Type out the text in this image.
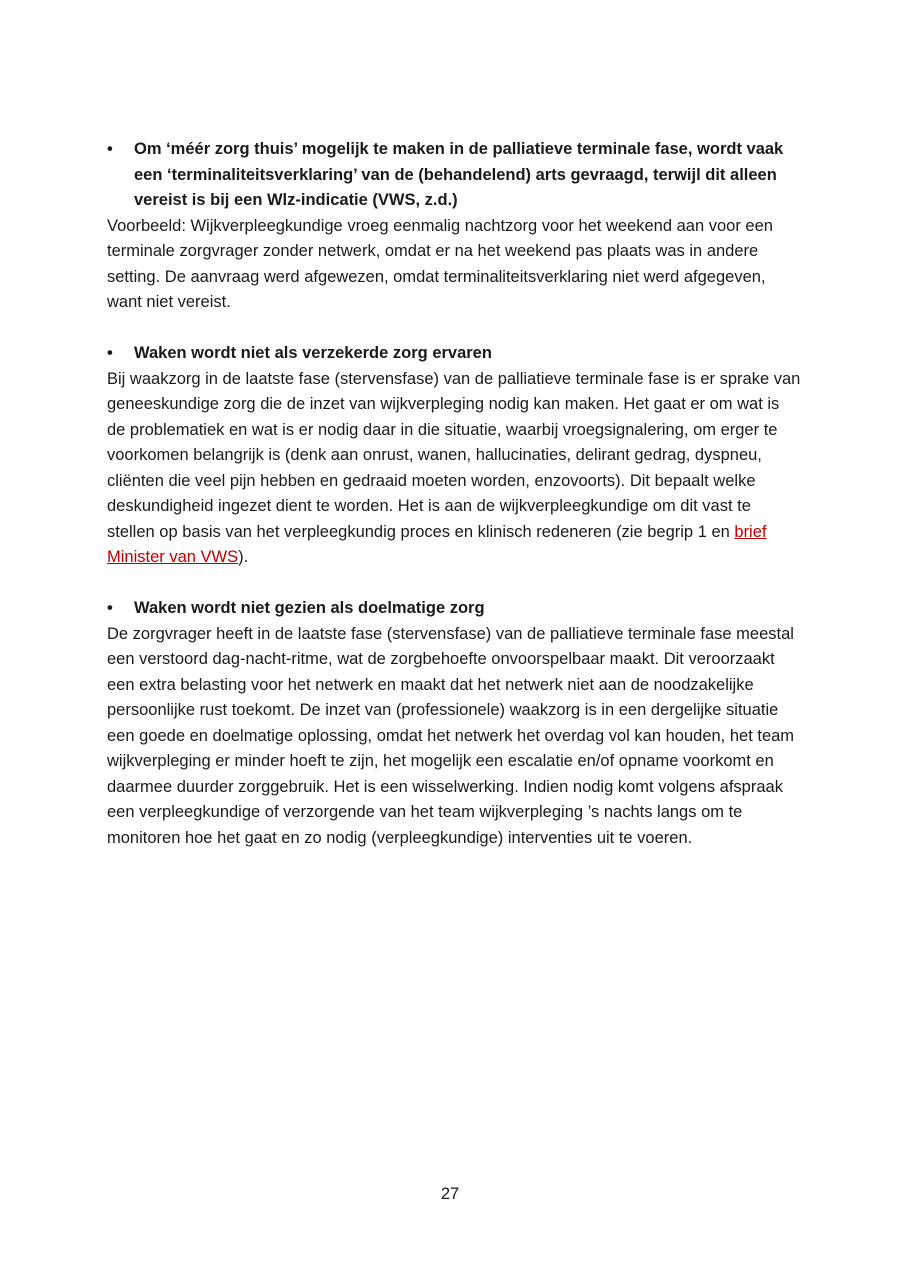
•	Om ‘méér zorg thuis’ mogelijk te maken in de palliatieve terminale fase, wordt vaak een ‘terminaliteitsverklaring’ van de (behandelend) arts gevraagd, terwijl dit alleen vereist is bij een Wlz-indicatie (VWS, z.d.)

Voorbeeld: Wijkverpleegkundige vroeg eenmalig nachtzorg voor het weekend aan voor een terminale zorgvrager zonder netwerk, omdat er na het weekend pas plaats was in andere setting. De aanvraag werd afgewezen, omdat terminaliteitsverklaring niet werd afgegeven, want niet vereist.

•	Waken wordt niet als verzekerde zorg ervaren

Bij waakzorg in de laatste fase (stervensfase) van de palliatieve terminale fase is er sprake van geneeskundige zorg die de inzet van wijkverpleging nodig kan maken. Het gaat er om wat is de problematiek en wat is er nodig daar in die situatie, waarbij vroegsignalering, om erger te voorkomen belangrijk is (denk aan onrust, wanen, hallucinaties, delirant gedrag, dyspneu, cliënten die veel pijn hebben en gedraaid moeten worden, enzovoorts). Dit bepaalt welke deskundigheid ingezet dient te worden. Het is aan de wijkverpleegkundige om dit vast te stellen op basis van het verpleegkundig proces en klinisch redeneren (zie begrip 1 en brief Minister van VWS).

•	Waken wordt niet gezien als doelmatige zorg

De zorgvrager heeft in de laatste fase (stervensfase) van de palliatieve terminale fase meestal een verstoord dag-nacht-ritme, wat de zorgbehoefte onvoorspelbaar maakt. Dit veroorzaakt een extra belasting voor het netwerk en maakt dat het netwerk niet aan de noodzakelijke persoonlijke rust toekomt. De inzet van (professionele) waakzorg is in een dergelijke situatie een goede en doelmatige oplossing, omdat het netwerk het overdag vol kan houden, het team wijkverpleging er minder hoeft te zijn, het mogelijk een escalatie en/of opname voorkomt en daarmee duurder zorggebruik. Het is een wisselwerking. Indien nodig komt volgens afspraak een verpleegkundige of verzorgende van het team wijkverpleging ’s nachts langs om te monitoren hoe het gaat en zo nodig (verpleegkundige) interventies uit te voeren.

27
